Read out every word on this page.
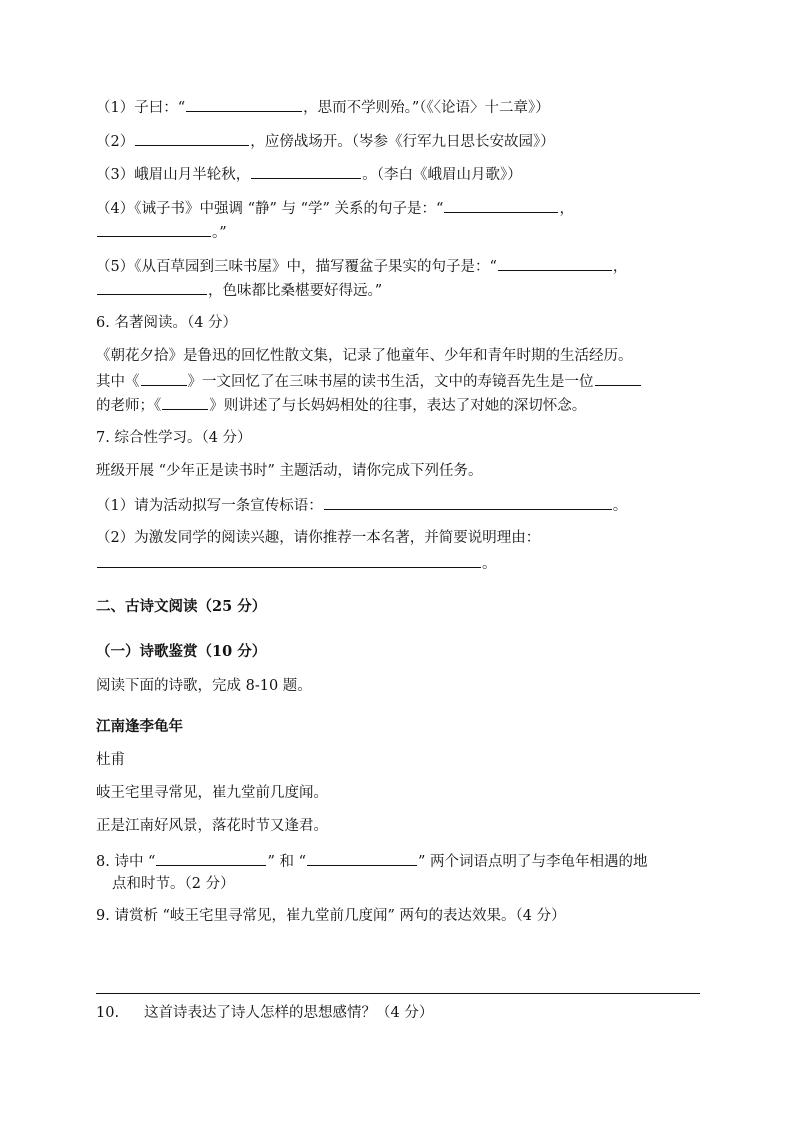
（1）子曰：“	，思而不学则殆。”（《〈论语〉十二章》）
（2）	，应傍战场开。（岑参《行军九日思长安故园》）
（3）峨眉山月半轮秋，	。（李白《峨眉山月歌》）
（4）《诫子书》中强调 “静” 与 “学” 关系的句子是：“	，
。”
（5）《从百草园到三味书屋》中，描写覆盆子果实的句子是：“	，
，色味都比桑椹要好得远。”
6. 名著阅读。（4 分）
《朝花夕拾》是鲁迅的回忆性散文集，记录了他童年、少年和青年时期的生活经历。
其中《	》一文回忆了在三味书屋的读书生活，文中的寿镜吾先生是一位
的老师；《	》则讲述了与长妈妈相处的往事，表达了对她的深切怀念。
7. 综合性学习。（4 分）
班级开展 “少年正是读书时” 主题活动，请你完成下列任务。
（1）请为活动拟写一条宣传标语：	。
（2）为激发同学的阅读兴趣，请你推荐一本名著，并简要说明理由：
。
二、古诗文阅读（25 分）
（一）诗歌鉴赏（10 分）
阅读下面的诗歌，完成 8-10 题。
江南逢李龟年
杜甫
岐王宅里寻常见，崔九堂前几度闻。
正是江南好风景，落花时节又逢君。
8. 诗中 “	” 和 “	” 两个词语点明了与李龟年相遇的地
点和时节。（2 分）
9. 请赏析 “岐王宅里寻常见，崔九堂前几度闻” 两句的表达效果。（4 分）
10. 这首诗表达了诗人怎样的思想感情？（4 分）
